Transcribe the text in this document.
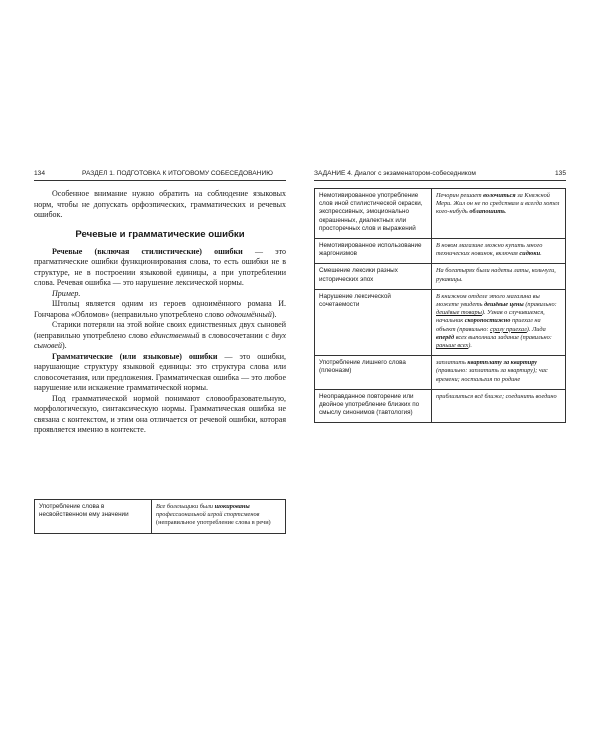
134	РАЗДЕЛ 1. ПОДГОТОВКА К ИТОГОВОМУ СОБЕСЕДОВАНИЮ

Особенное внимание нужно обратить на соблюдение языковых норм, чтобы не допускать орфоэпических, грамматических и речевых ошибок.

Речевые и грамматические ошибки

Речевые (включая стилистические) ошибки — это прагматические ошибки функционирования слова, то есть ошибки не в структуре, не в построении языковой единицы, а при употреблении слова. Речевая ошибка — это нарушение лексической нормы.

Пример.

Штольц является одним из героев одноимённого романа И. Гончарова «Обломов» (неправильно употреблено слово одноимённый).

Старики потеряли на этой войне своих единственных двух сыновей (неправильно употреблено слово единственный в словосочетании с двух сыновей).

Грамматические (или языковые) ошибки — это ошибки, нарушающие структуру языковой единицы: это структура слова или словосочетания, или предложения. Грамматическая ошибка — это любое нарушение или искажение грамматической нормы.

Под грамматической нормой понимают словообразовательную, морфологическую, синтаксическую нормы. Грамматическая ошибка не связана с контекстом, и этим она отличается от речевой ошибки, которая проявляется именно в контексте.

Употребление слова в несвойственном ему значении	Все болельщики были шокированы профессиональной игрой спортсменов (неправильное употребление слова в речи)
ЗАДАНИЕ 4. Диалог с экзаменатором-собеседником	135
Немотивированное употребление слов иной стилистической окраски, экспрессивных, эмоционально окрашенных, диалектных или просторечных слов и выражений	Печорин решает волочиться за Княжной Мери. Жил он не по средствам и всегда хотел кого-нибудь облапошить.
Немотивированное использование жаргонизмов	В новом магазине можно купить много технических новинок, включая сидюки.
Смешение лексики разных исторических эпох	На богатырях были надеты латы, кольчуги, рукавицы.
Нарушение лексической сочетаемости	В книжном отделе этого магазина вы можете увидеть дешёвые цены (правильно: дешёвые товары). Узнав о случившемся, начальник скоропостижно приехал на объект (правильно: сразу приехал). Лида вперёд всех выполнила задание (правильно: раньше всех).
Употребление лишнего слова (плеоназм)	заплатить квартплату за квартиру (правильно: заплатить за квартиру); час времени; ностальгия по родине
Неоправданное повторение или двойное употребление близких по смыслу синонимов (тавтология)	приблизиться всё ближе; соединить воедино
